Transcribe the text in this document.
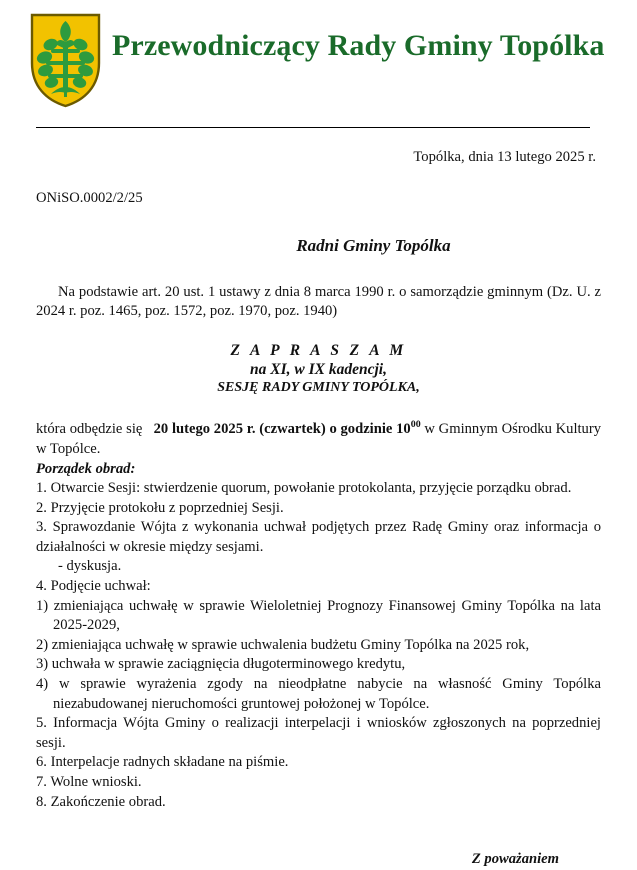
Przewodniczący Rady Gminy Topólka
Topólka, dnia 13 lutego 2025 r.
ONiSO.0002/2/25
Radni Gminy Topólka
Na podstawie art. 20 ust. 1 ustawy z dnia 8 marca 1990 r. o samorządzie gminnym (Dz. U. z 2024 r. poz. 1465, poz. 1572, poz. 1970, poz. 1940)
Z A P R A S Z A M
na XI, w IX kadencji,
SESJĘ RADY GMINY TOPÓLKA,
która odbędzie się 20 lutego 2025 r. (czwartek) o godzinie $10^{00}$ w Gminnym Ośrodku Kultury w Topólce.
Porządek obrad:
1. Otwarcie Sesji: stwierdzenie quorum, powołanie protokolanta, przyjęcie porządku obrad.
2. Przyjęcie protokołu z poprzedniej Sesji.
3. Sprawozdanie Wójta z wykonania uchwał podjętych przez Radę Gminy oraz informacja o działalności w okresie między sesjami.
- dyskusja.
4. Podjęcie uchwał:
1) zmieniająca uchwałę w sprawie Wieloletniej Prognozy Finansowej Gminy Topólka na lata 2025-2029,
2) zmieniająca uchwałę w sprawie uchwalenia budżetu Gminy Topólka na 2025 rok,
3) uchwała w sprawie zaciągnięcia długoterminowego kredytu,
4) w sprawie wyrażenia zgody na nieodpłatne nabycie na własność Gminy Topólka niezabudowanej nieruchomości gruntowej położonej w Topólce.
5. Informacja Wójta Gminy o realizacji interpelacji i wniosków zgłoszonych na poprzedniej sesji.
6. Interpelacje radnych składane na piśmie.
7. Wolne wnioski.
8. Zakończenie obrad.
Z poważaniem
